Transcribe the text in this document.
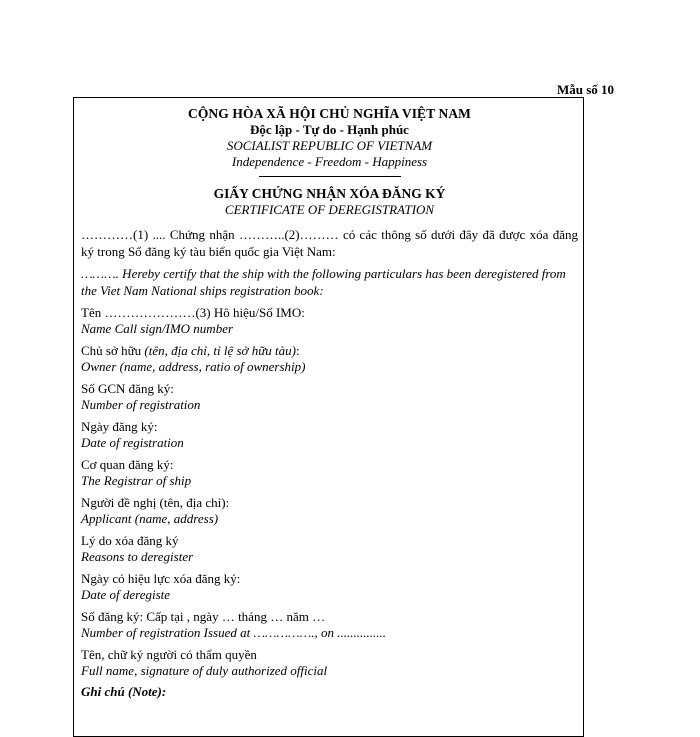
Mẫu số 10
CỘNG HÒA XÃ HỘI CHỦ NGHĨA VIỆT NAM
Độc lập - Tự do - Hạnh phúc
SOCIALIST REPUBLIC OF VIETNAM
Independence - Freedom - Happiness
GIẤY CHỨNG NHẬN XÓA ĐĂNG KÝ
CERTIFICATE OF DEREGISTRATION
…………(1) .... Chứng nhận ………..(2)……… có các thông số dưới đây đã được xóa đăng ký trong Sổ đăng ký tàu biển quốc gia Việt Nam:
………. Hereby certify that the ship with the following particulars has been deregistered from the Viet Nam National ships registration book:
Tên …………………(3) Hô hiệu/Số IMO:
Name Call sign/IMO number
Chủ sở hữu (tên, địa chỉ, tỉ lệ sở hữu tàu):
Owner (name, address, ratio of ownership)
Số GCN đăng ký:
Number of registration
Ngày đăng ký:
Date of registration
Cơ quan đăng ký:
The Registrar of ship
Người đề nghị (tên, địa chỉ):
Applicant (name, address)
Lý do xóa đăng ký
Reasons to deregister
Ngày có hiệu lực xóa đăng ký:
Date of deregiste
Số đăng ký: Cấp tại , ngày … tháng … năm …
Number of registration Issued at ……………., on ...............
Tên, chữ ký người có thẩm quyền
Full name, signature of duly authorized official
Ghi chú (Note):
